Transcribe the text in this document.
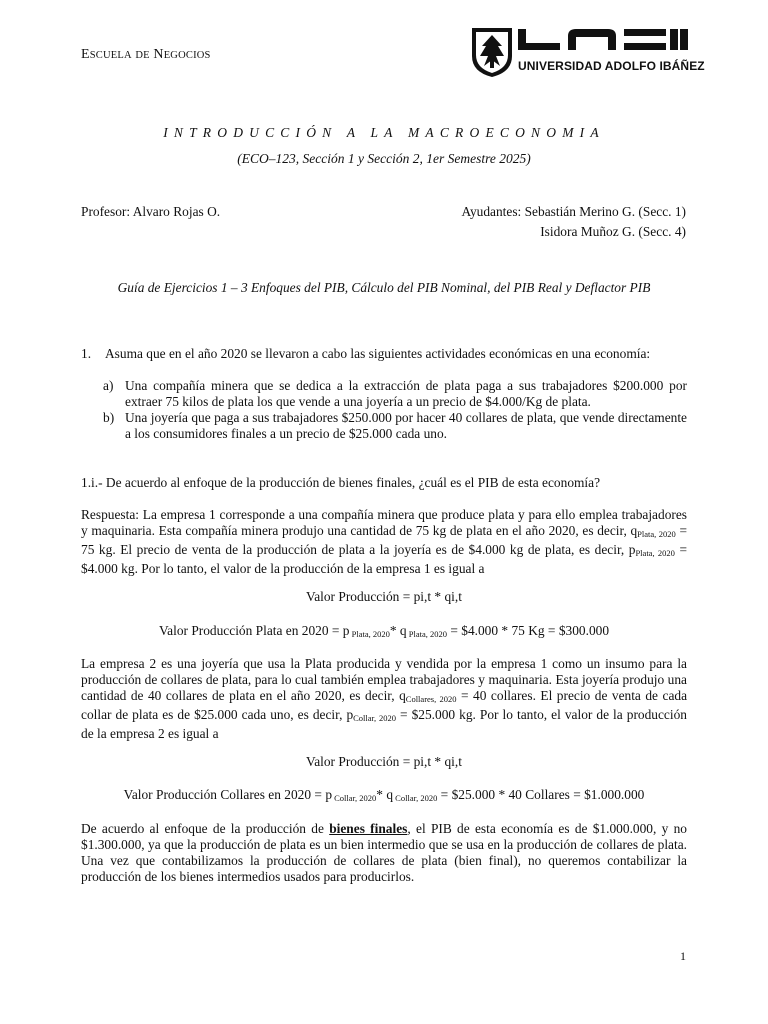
ESCUELA DE NEGOCIOS
UNIVERSIDAD ADOLFO IBÁÑEZ
INTRODUCCIÓN A LA MACROECONOMIA
(ECO–123, Sección 1 y Sección 2, 1er Semestre 2025)
Profesor: Alvaro Rojas O.	Ayudantes: Sebastián Merino G. (Secc. 1)
Isidora Muñoz G. (Secc. 4)
Guía de Ejercicios 1 – 3 Enfoques del PIB, Cálculo del PIB Nominal, del PIB Real y Deflactor PIB
1. Asuma que en el año 2020 se llevaron a cabo las siguientes actividades económicas en una economía:
a) Una compañía minera que se dedica a la extracción de plata paga a sus trabajadores $200.000 por extraer 75 kilos de plata los que vende a una joyería a un precio de $4.000/Kg de plata.
b) Una joyería que paga a sus trabajadores $250.000 por hacer 40 collares de plata, que vende directamente a los consumidores finales a un precio de $25.000 cada uno.
1.i.- De acuerdo al enfoque de la producción de bienes finales, ¿cuál es el PIB de esta economía?
Respuesta: La empresa 1 corresponde a una compañía minera que produce plata y para ello emplea trabajadores y maquinaria. Esta compañía minera produjo una cantidad de 75 kg de plata en el año 2020, es decir, $q_{Plata, 2020} = 75$ kg. El precio de venta de la producción de plata a la joyería es de $4.000 kg de plata, es decir, $p_{Plata, 2020}$ = $4.000 kg. Por lo tanto, el valor de la producción de la empresa 1 es igual a
Valor Producción = pi,t * qi,t
Valor Producción Plata en 2020 = p $_{Plata, 2020}$* q $_{Plata, 2020}$ = $4.000 * 75 Kg = $300.000
La empresa 2 es una joyería que usa la Plata producida y vendida por la empresa 1 como un insumo para la producción de collares de plata, para lo cual también emplea trabajadores y maquinaria. Esta joyería produjo una cantidad de 40 collares de plata en el año 2020, es decir, $q_{Collares, 2020} = 40$ collares. El precio de venta de cada collar de plata es de $25.000 cada uno, es decir, $p_{Collar, 2020}$ = $25.000 kg. Por lo tanto, el valor de la producción de la empresa 2 es igual a
Valor Producción = pi,t * qi,t
Valor Producción Collares en 2020 = p $_{Collar, 2020}$* q $_{Collar, 2020}$ = $25.000 * 40 Collares = $1.000.000
De acuerdo al enfoque de la producción de bienes finales, el PIB de esta economía es de $1.000.000, y no $1.300.000, ya que la producción de plata es un bien intermedio que se usa en la producción de collares de plata. Una vez que contabilizamos la producción de collares de plata (bien final), no queremos contabilizar la producción de los bienes intermedios usados para producirlos.
1
